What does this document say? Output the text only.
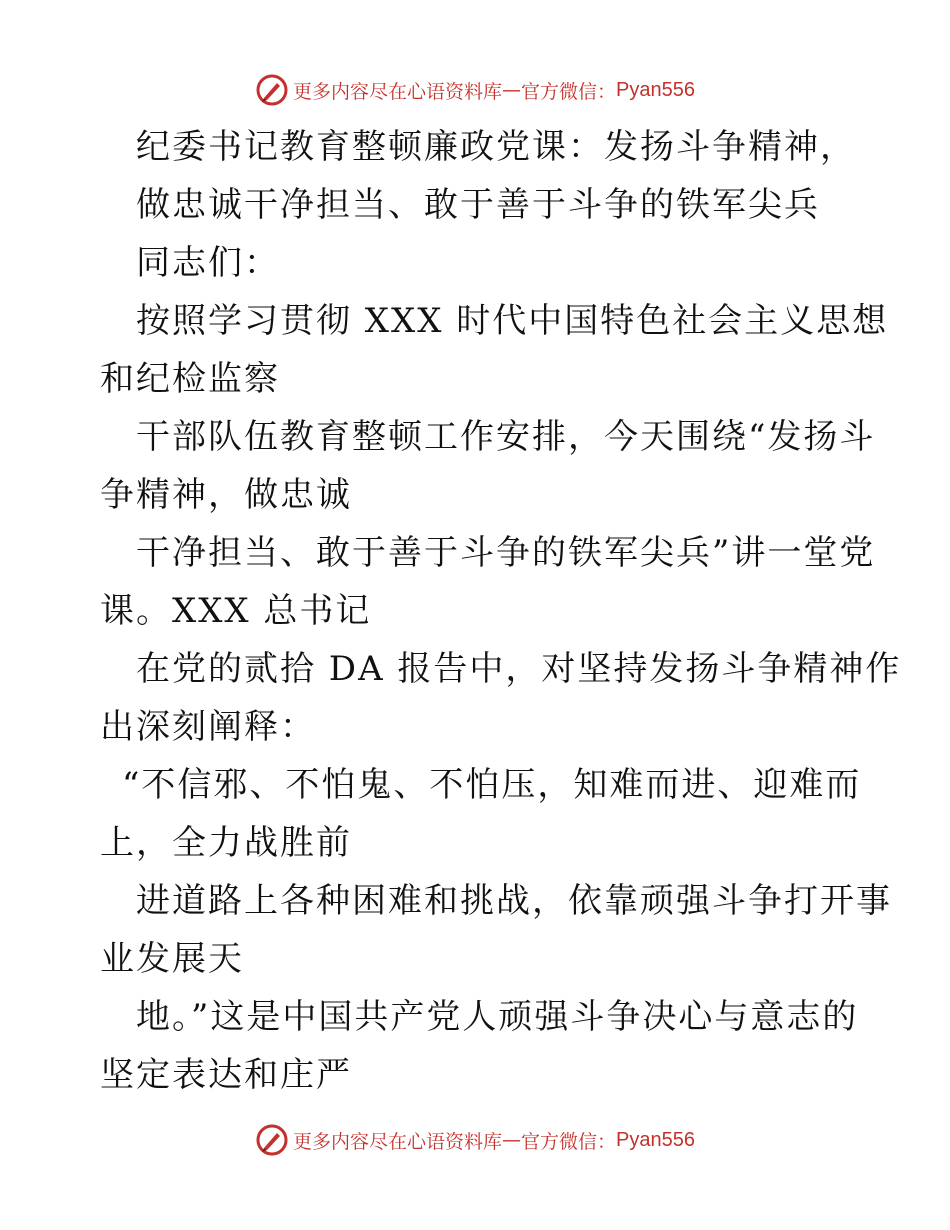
更多内容尽在心语资料库 — 官方微信： Pyan556
纪委书记教育整顿廉政党课：发扬斗争精神，
做忠诚干净担当、敢于善于斗争的铁军尖兵
同志们：
按照学习贯彻 XXX 时代中国特色社会主义思想
和纪检监察
干部队伍教育整顿工作安排，今天围绕“发扬斗
争精神，做忠诚
干净担当、敢于善于斗争的铁军尖兵”讲一堂党
课。XXX 总书记
在党的贰拾 DA 报告中，对坚持发扬斗争精神作
出深刻阐释：
“不信邪、不怕鬼、不怕压，知难而进、迎难而
上，全力战胜前
进道路上各种困难和挑战，依靠顽强斗争打开事
业发展天
地。”这是中国共产党人顽强斗争决心与意志的
坚定表达和庄严
更多内容尽在心语资料库 — 官方微信： Pyan556
